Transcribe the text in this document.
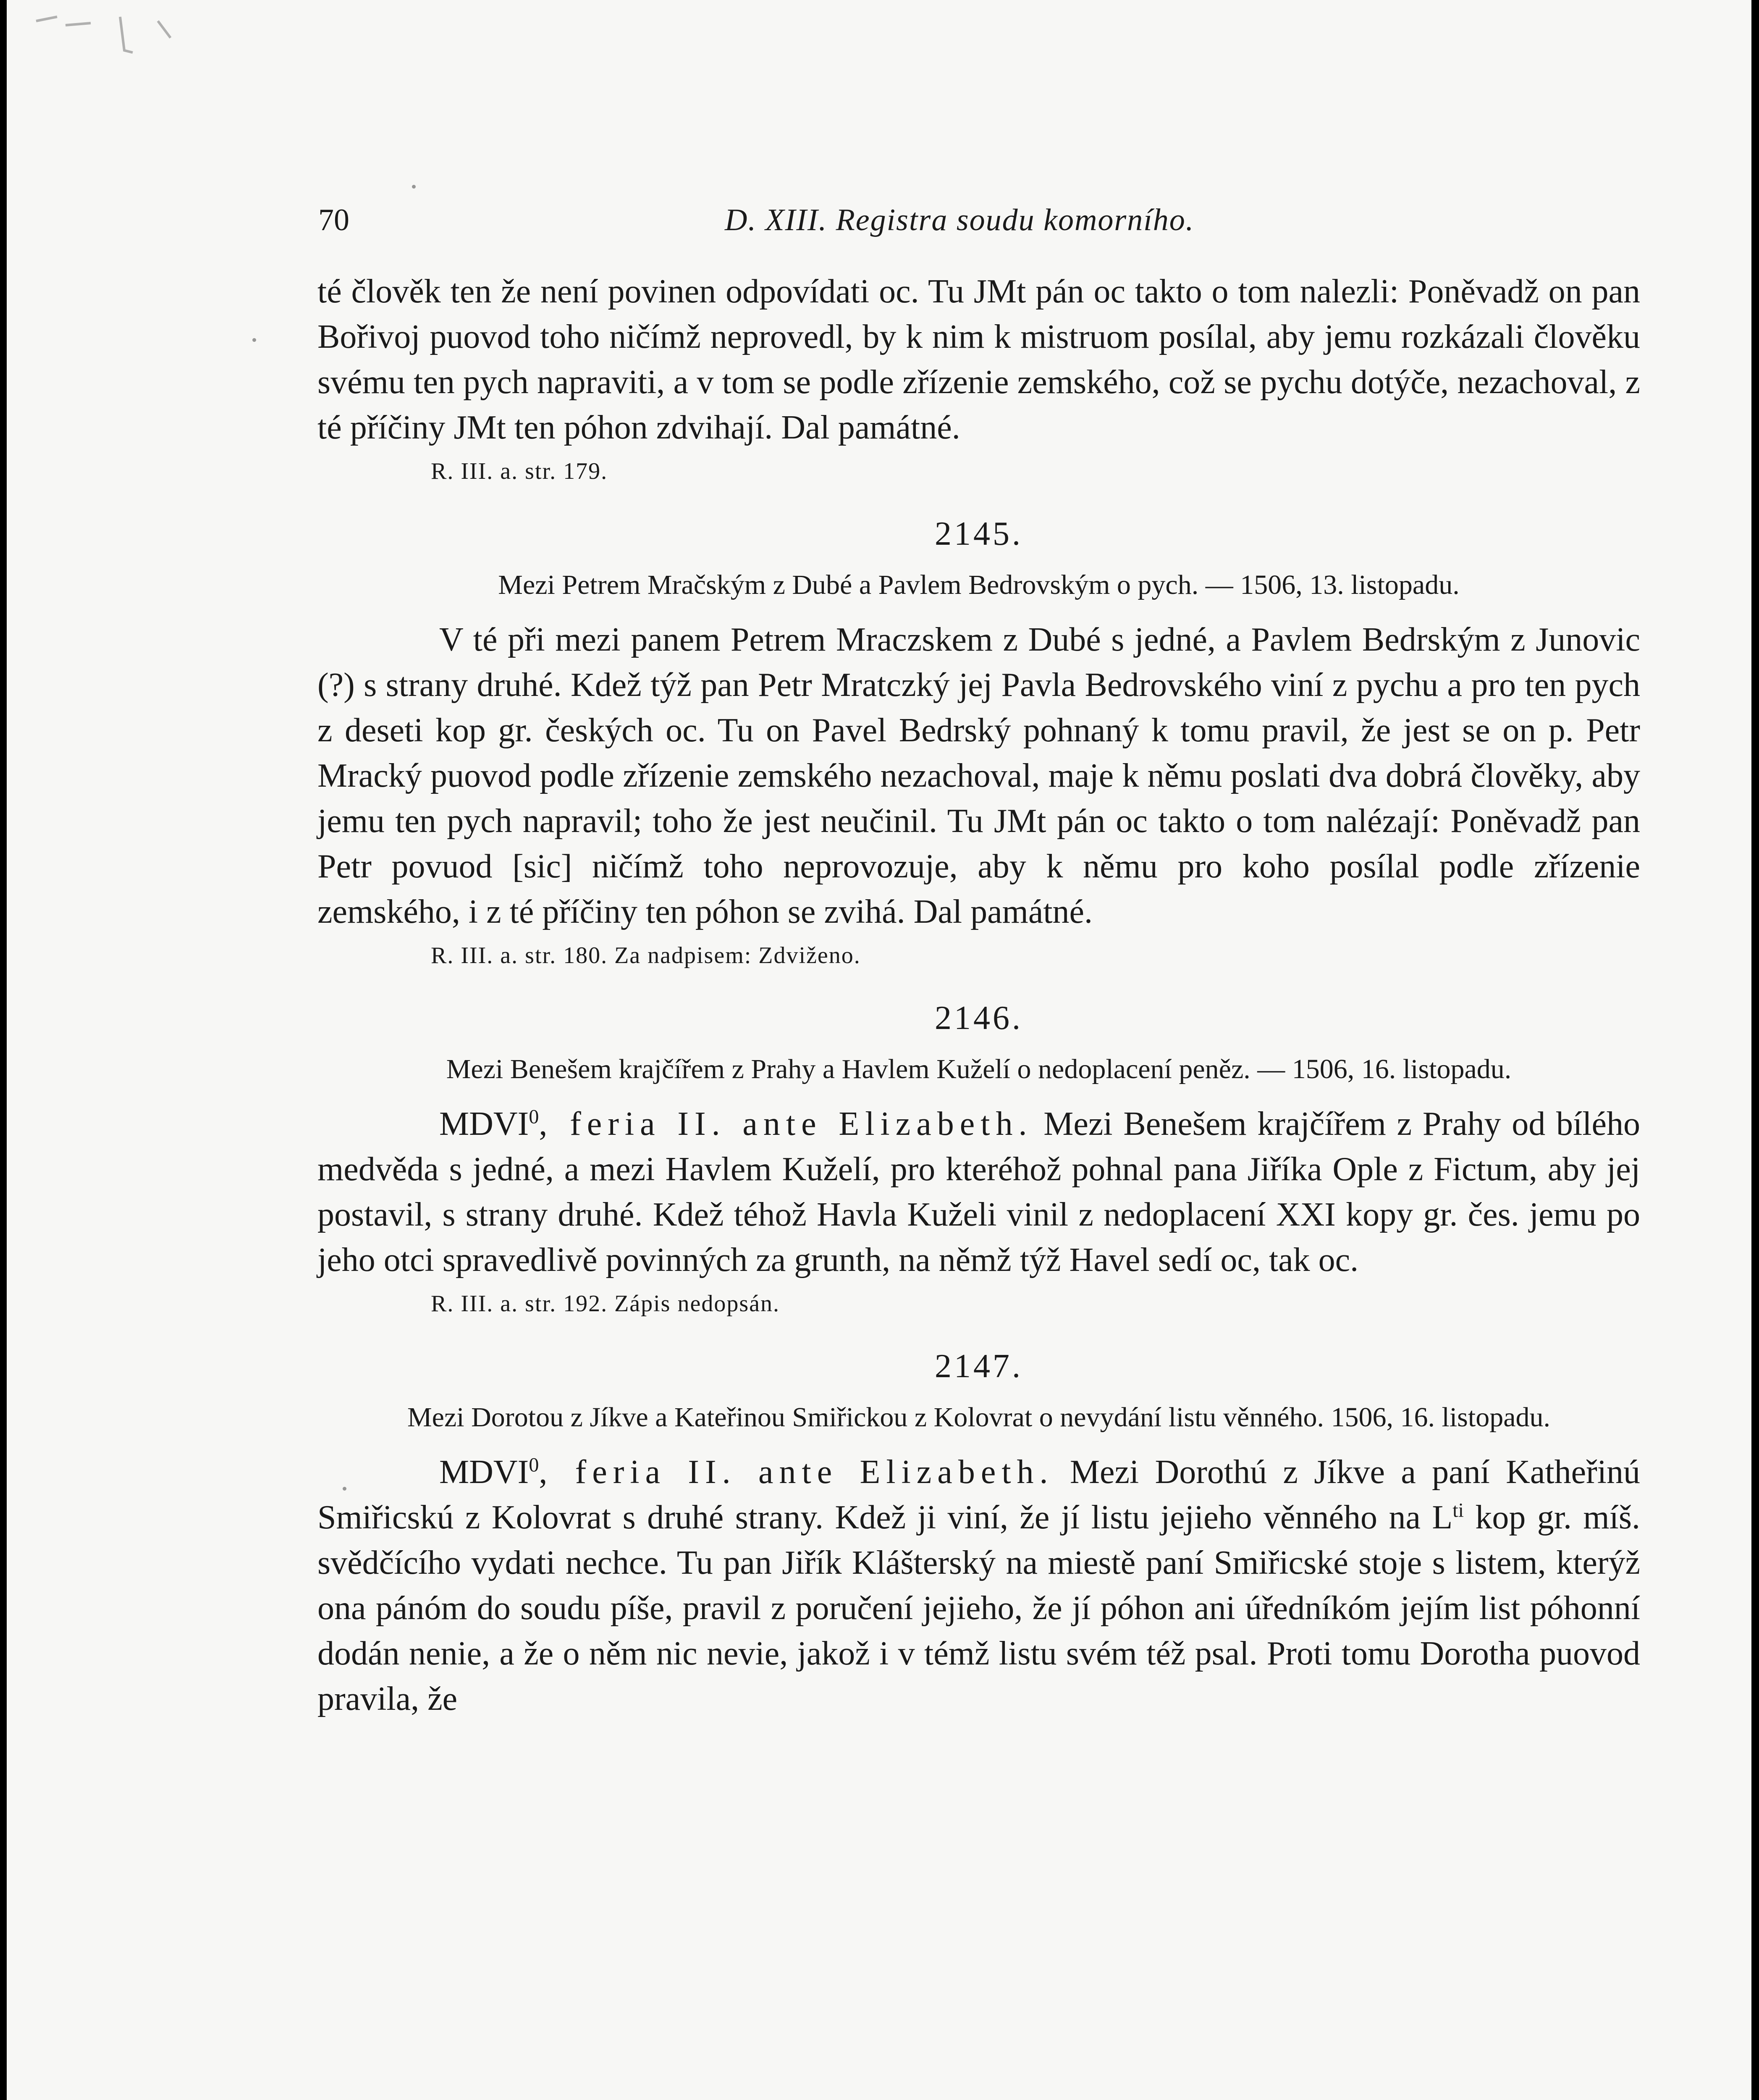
70	D. XIII. Registra soudu komorního.

té člověk ten že není povinen odpovídati oc. Tu JMt pán oc takto o tom nalezli: Poněvadž on pan Bořivoj puovod toho ničímž neprovedl, by k nim k mistruom posílal, aby jemu rozkázali člověku svému ten pych napraviti, a v tom se podle zřízenie zemského, což se pychu dotýče, nezachoval, z té příčiny JMt ten póhon zdvihají. Dal památné.

R. III. a. str. 179.
2145.
Mezi Petrem Mračským z Dubé a Pavlem Bedrovským o pych. — 1506, 13. listopadu.

V té při mezi panem Petrem Mraczskem z Dubé s jedné, a Pavlem Bedrským z Junovic (?) s strany druhé. Kdež týž pan Petr Mratczký jej Pavla Bedrovského viní z pychu a pro ten pych z deseti kop gr. českých oc. Tu on Pavel Bedrský pohnaný k tomu pravil, že jest se on p. Petr Mracký puovod podle zřízenie zemského nezachoval, maje k němu poslati dva dobrá člověky, aby jemu ten pych napravil; toho že jest neučinil. Tu JMt pán oc takto o tom nalézají: Poněvadž pan Petr povuod [sic] ničímž toho neprovozuje, aby k němu pro koho posílal podle zřízenie zemského, i z té příčiny ten póhon se zvihá. Dal památné.

R. III. a. str. 180. Za nadpisem: Zdviženo.
2146.
Mezi Benešem krajčířem z Prahy a Havlem Kuželí o nedoplacení peněz. — 1506, 16. listopadu.

MDVI$^0$, feria II. ante Elizabeth. Mezi Benešem krajčířem z Prahy od bílého medvěda s jedné, a mezi Havlem Kuželí, pro kteréhož pohnal pana Jiříka Ople z Fictum, aby jej postavil, s strany druhé. Kdež téhož Havla Kuželi vinil z nedoplacení XXI kopy gr. čes. jemu po jeho otci spravedlivě povinných za grunth, na němž týž Havel sedí oc, tak oc.

R. III. a. str. 192. Zápis nedopsán.
2147.
Mezi Dorotou z Jíkve a Kateřinou Smiřickou z Kolovrat o nevydání listu věnného. 1506, 16. listopadu.

MDVI$^0$, feria II. ante Elizabeth. Mezi Dorothú z Jíkve a paní Katheřinú Smiřicskú z Kolovrat s druhé strany. Kdež ji viní, že jí listu jejieho věnného na $L^{ti}$ kop gr. míš. svědčícího vydati nechce. Tu pan Jiřík Klášterský na miestě paní Smiřicské stoje s listem, kterýž ona pánóm do soudu píše, pravil z poručení jejieho, že jí póhon ani úředníkóm jejím list póhonní dodán nenie, a že o něm nic nevie, jakož i v témž listu svém též psal. Proti tomu Dorotha puovod pravila, že
